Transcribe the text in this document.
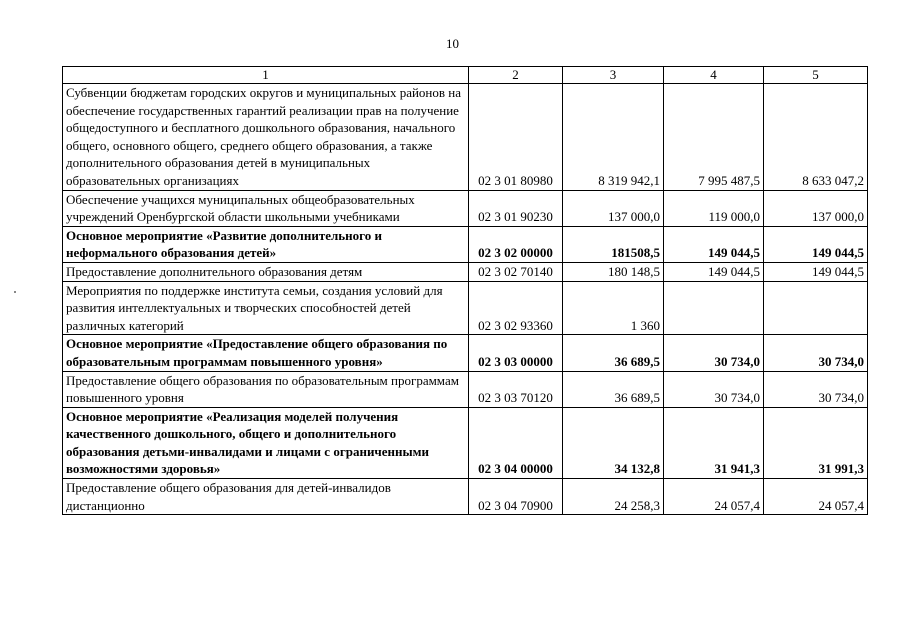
10
1	2	3	4	5
Субвенции бюджетам городских округов и муниципальных районов на обеспечение государственных гарантий реализации прав на получение общедоступного и бесплатного дошкольного образования, начального общего, основного общего, среднего общего образования, а также дополнительного образования детей в муниципальных образовательных организациях	02 3 01 80980	8 319 942,1	7 995 487,5	8 633 047,2
Обеспечение учащихся муниципальных общеобразовательных учреждений Оренбургской области школьными учебниками	02 3 01 90230	137 000,0	119 000,0	137 000,0
Основное мероприятие «Развитие дополнительного и неформального образования детей»	02 3 02 00000	181508,5	149 044,5	149 044,5
Предоставление дополнительного образования детям	02 3 02 70140	180 148,5	149 044,5	149 044,5
Мероприятия по поддержке института семьи, создания условий для развития интеллектуальных и творческих способностей детей различных категорий	02 3 02 93360	1 360		
Основное мероприятие «Предоставление общего образования по образовательным программам повышенного уровня»	02 3 03 00000	36 689,5	30 734,0	30 734,0
Предоставление общего образования по образовательным программам повышенного уровня	02 3 03 70120	36 689,5	30 734,0	30 734,0
Основное мероприятие «Реализация моделей получения качественного дошкольного, общего и дополнительного образования детьми-инвалидами и лицами с ограниченными возможностями здоровья»	02 3 04 00000	34 132,8	31 941,3	31 991,3
Предоставление общего образования для детей-инвалидов дистанционно	02 3 04 70900	24 258,3	24 057,4	24 057,4
